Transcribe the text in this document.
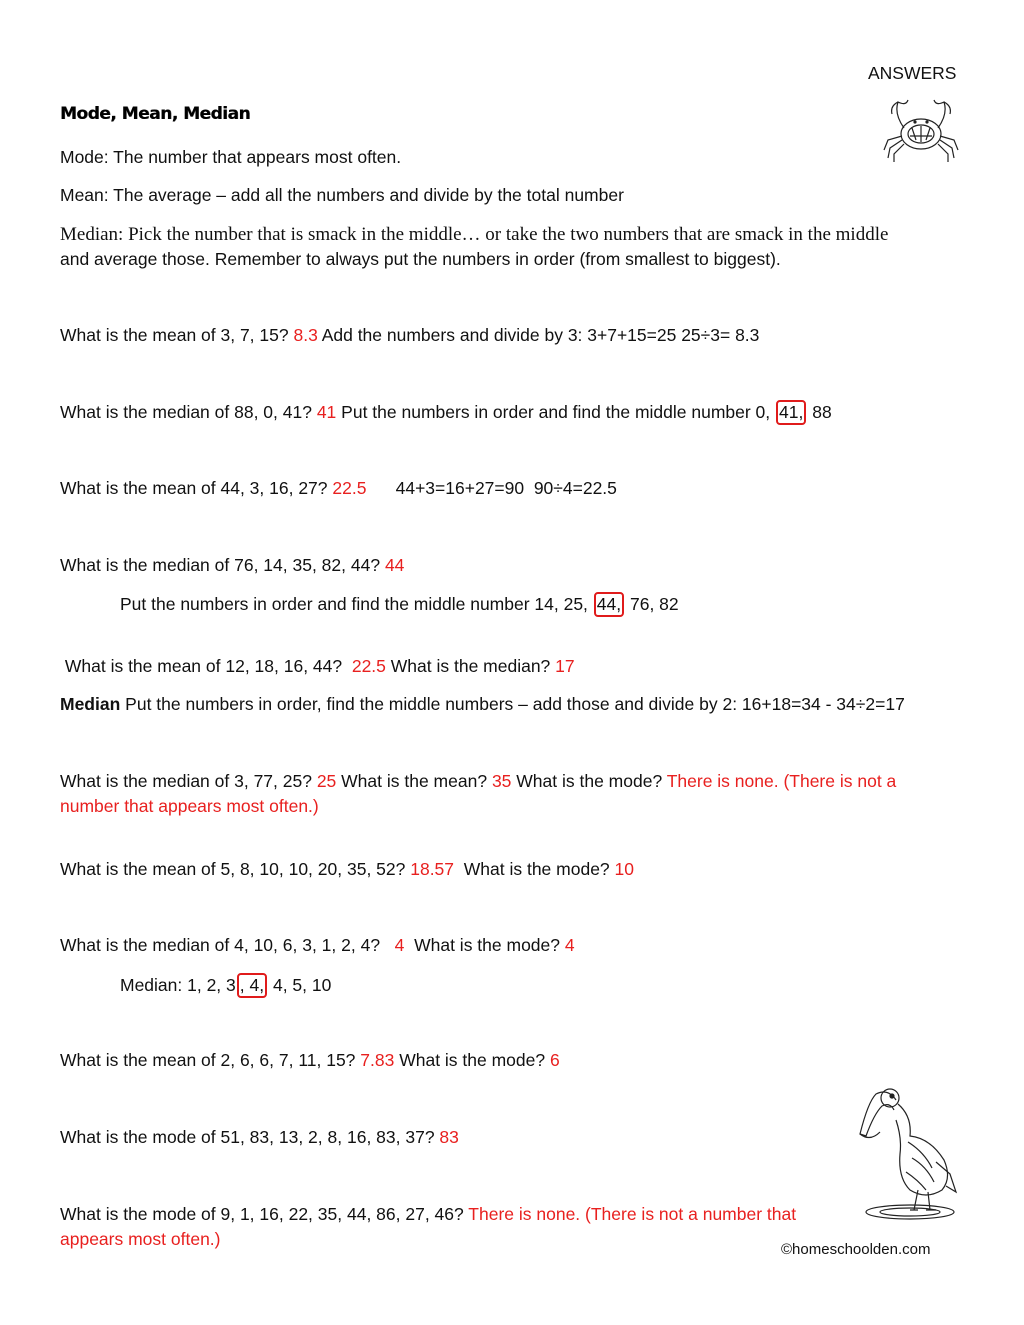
ANSWERS
Mode, Mean, Median
Mode: The number that appears most often.
Mean: The average – add all the numbers and divide by the total number
Median: Pick the number that is smack in the middle… or take the two numbers that are smack in the middle
and average those. Remember to always put the numbers in order (from smallest to biggest).
What is the mean of 3, 7, 15? 8.3 Add the numbers and divide by 3: 3+7+15=25 25÷3= 8.3
What is the median of 88, 0, 41? 41 Put the numbers in order and find the middle number 0, 41, 88
What is the mean of 44, 3, 16, 27? 22.5      44+3=16+27=90  90÷4=22.5
What is the median of 76, 14, 35, 82, 44? 44
Put the numbers in order and find the middle number 14, 25, 44, 76, 82
What is the mean of 12, 18, 16, 44?  22.5 What is the median? 17
Median Put the numbers in order, find the middle numbers – add those and divide by 2: 16+18=34 - 34÷2=17
What is the median of 3, 77, 25? 25 What is the mean? 35 What is the mode? There is none. (There is not a
number that appears most often.)
What is the mean of 5, 8, 10, 10, 20, 35, 52? 18.57  What is the mode? 10
What is the median of 4, 10, 6, 3, 1, 2, 4?   4  What is the mode? 4
Median: 1, 2, 3 , 4, 4, 5, 10
What is the mean of 2, 6, 6, 7, 11, 15? 7.83 What is the mode? 6
What is the mode of 51, 83, 13, 2, 8, 16, 83, 37? 83
What is the mode of 9, 1, 16, 22, 35, 44, 86, 27, 46? There is none. (There is not a number that
appears most often.)
©homeschoolden.com
